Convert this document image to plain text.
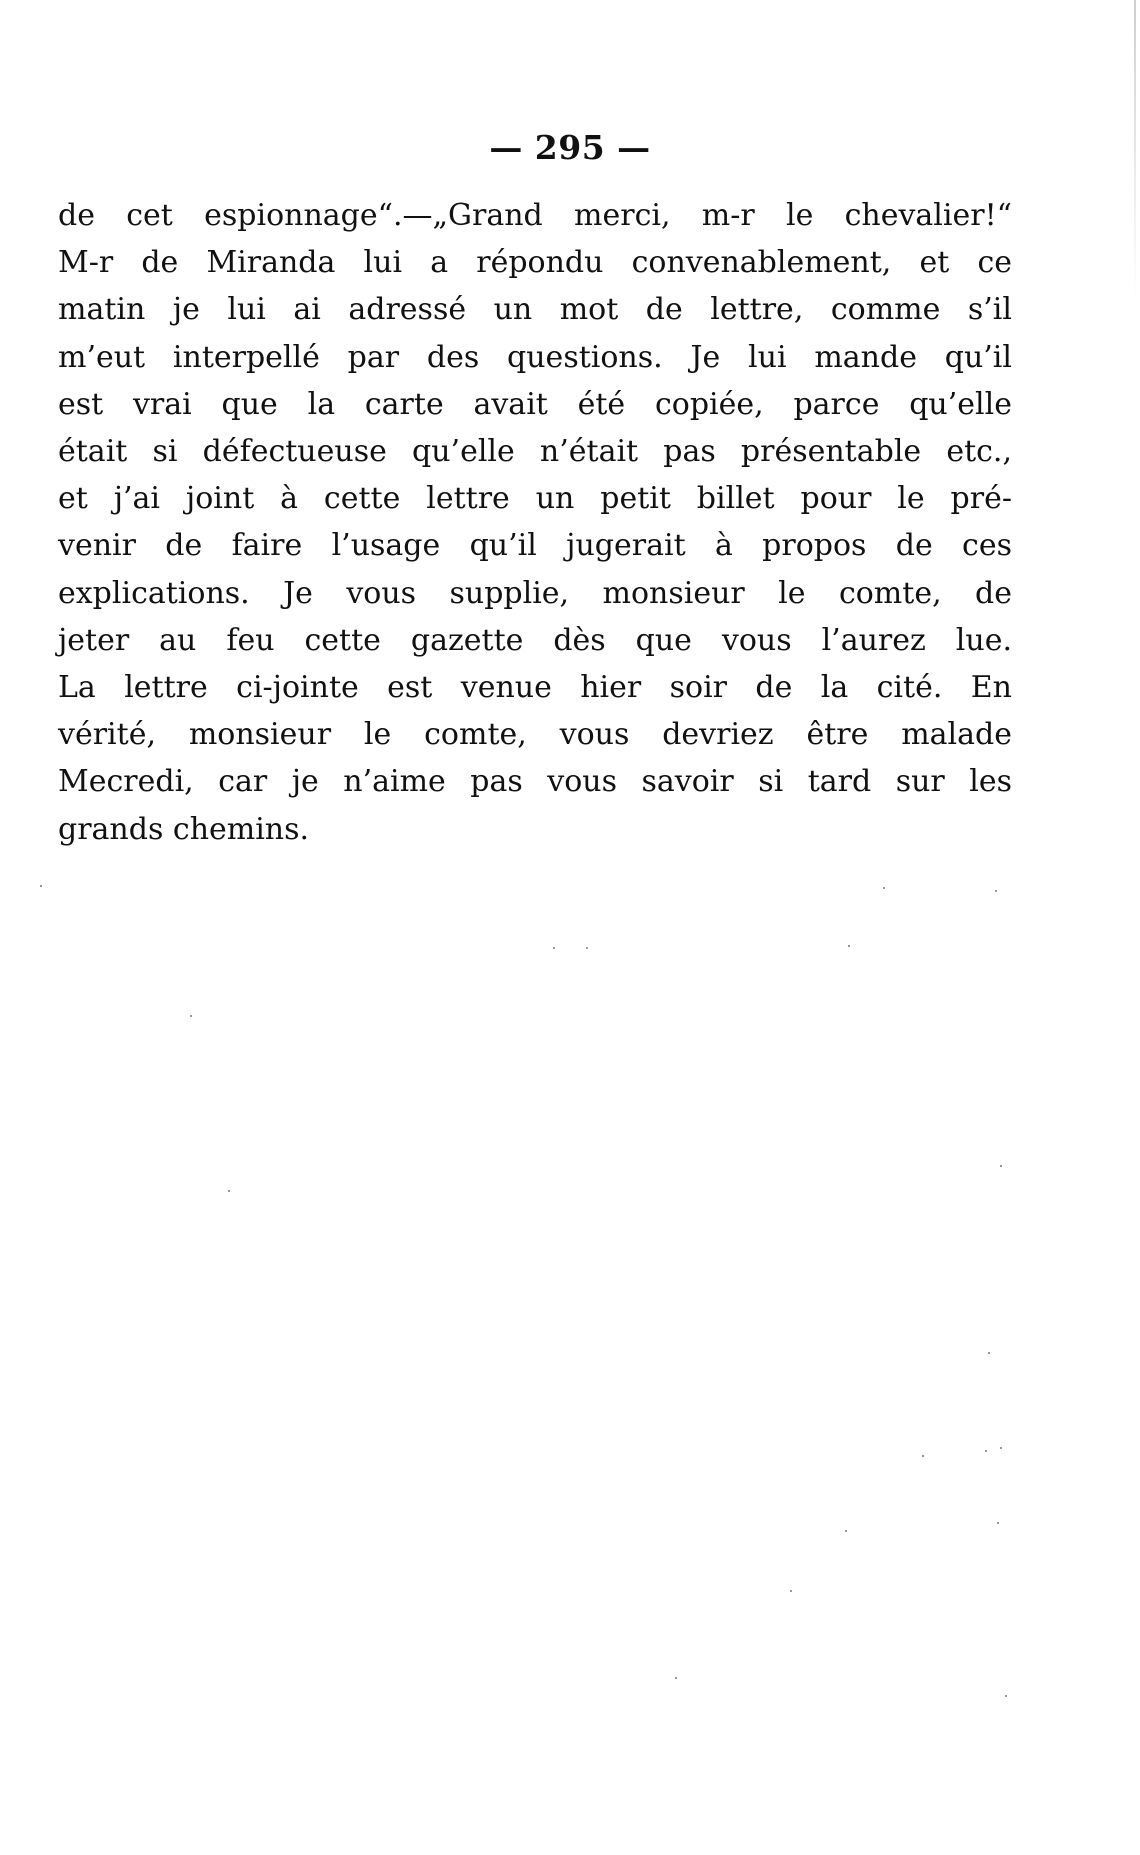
— 295 —
de cet espionnage“.—„Grand merci, m-r le chevalier!“
M-r de Miranda lui a répondu convenablement, et ce
matin je lui ai adressé un mot de lettre, comme s’il
m’eut interpellé par des questions. Je lui mande qu’il
est vrai que la carte avait été copiée, parce qu’elle
était si défectueuse qu’elle n’était pas présentable etc.,
et j’ai joint à cette lettre un petit billet pour le pré-
venir de faire l’usage qu’il jugerait à propos de ces
explications. Je vous supplie, monsieur le comte, de
jeter au feu cette gazette dès que vous l’aurez lue.
La lettre ci-jointe est venue hier soir de la cité. En
vérité, monsieur le comte, vous devriez être malade
Mecredi, car je n’aime pas vous savoir si tard sur les
grands chemins.
